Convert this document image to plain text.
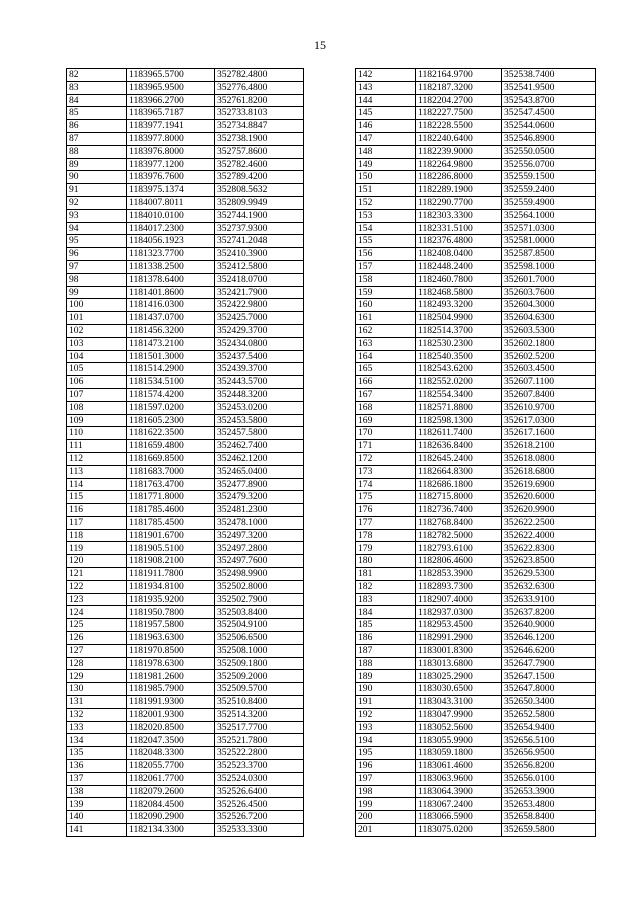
15
82	1183965.5700	352782.4800
83	1183965.9500	352776.4800
84	1183966.2700	352761.8200
85	1183965.7187	352733.8103
86	1183977.1941	352734.8847
87	1183977.8000	352738.1900
88	1183976.8000	352757.8600
89	1183977.1200	352782.4600
90	1183976.7600	352789.4200
91	1183975.1374	352808.5632
92	1184007.8011	352809.9949
93	1184010.0100	352744.1900
94	1184017.2300	352737.9300
95	1184056.1923	352741.2048
96	1181323.7700	352410.3900
97	1181338.2500	352412.5800
98	1181378.6400	352418.0700
99	1181401.8600	352421.7900
100	1181416.0300	352422.9800
101	1181437.0700	352425.7000
102	1181456.3200	352429.3700
103	1181473.2100	352434.0800
104	1181501.3000	352437.5400
105	1181514.2900	352439.3700
106	1181534.5100	352443.5700
107	1181574.4200	352448.3200
108	1181597.0200	352453.0200
109	1181605.2300	352453.5800
110	1181622.3500	352457.5800
111	1181659.4800	352462.7400
112	1181669.8500	352462.1200
113	1181683.7000	352465.0400
114	1181763.4700	352477.8900
115	1181771.8000	352479.3200
116	1181785.4600	352481.2300
117	1181785.4500	352478.1000
118	1181901.6700	352497.3200
119	1181905.5100	352497.2800
120	1181908.2100	352497.7600
121	1181911.7800	352498.9900
122	1181934.8100	352502.8000
123	1181935.9200	352502.7900
124	1181950.7800	352503.8400
125	1181957.5800	352504.9100
126	1181963.6300	352506.6500
127	1181970.8500	352508.1000
128	1181978.6300	352509.1800
129	1181981.2600	352509.2000
130	1181985.7900	352509.5700
131	1181991.9300	352510.8400
132	1182001.9300	352514.3200
133	1182020.8500	352517.7700
134	1182047.3500	352521.7800
135	1182048.3300	352522.2800
136	1182055.7700	352523.3700
137	1182061.7700	352524.0300
138	1182079.2600	352526.6400
139	1182084.4500	352526.4500
140	1182090.2900	352526.7200
141	1182134.3300	352533.3300
142	1182164.9700	352538.7400
143	1182187.3200	352541.9500
144	1182204.2700	352543.8700
145	1182227.7500	352547.4500
146	1182228.5500	352544.0600
147	1182240.6400	352546.8900
148	1182239.9000	352550.0500
149	1182264.9800	352556.0700
150	1182286.8000	352559.1500
151	1182289.1900	352559.2400
152	1182290.7700	352559.4900
153	1182303.3300	352564.1000
154	1182331.5100	352571.0300
155	1182376.4800	352581.0000
156	1182408.0400	352587.8500
157	1182448.2400	352598.1000
158	1182460.7800	352601.7000
159	1182468.5800	352603.7600
160	1182493.3200	352604.3000
161	1182504.9900	352604.6300
162	1182514.3700	352603.5300
163	1182530.2300	352602.1800
164	1182540.3500	352602.5200
165	1182543.6200	352603.4500
166	1182552.0200	352607.1100
167	1182554.3400	352607.8400
168	1182571.8800	352610.9700
169	1182598.1300	352617.0300
170	1182611.7400	352617.1600
171	1182636.8400	352618.2100
172	1182645.2400	352618.0800
173	1182664.8300	352618.6800
174	1182686.1800	352619.6900
175	1182715.8000	352620.6000
176	1182736.7400	352620.9900
177	1182768.8400	352622.2500
178	1182782.5000	352622.4000
179	1182793.6100	352622.8300
180	1182806.4600	352623.8500
181	1182853.3900	352629.5300
182	1182893.7300	352632.6300
183	1182907.4000	352633.9100
184	1182937.0300	352637.8200
185	1182953.4500	352640.9000
186	1182991.2900	352646.1200
187	1183001.8300	352646.6200
188	1183013.6800	352647.7900
189	1183025.2900	352647.1500
190	1183030.6500	352647.8000
191	1183043.3100	352650.3400
192	1183047.9900	352652.5800
193	1183052.5600	352654.9400
194	1183055.9900	352656.5100
195	1183059.1800	352656.9500
196	1183061.4600	352656.8200
197	1183063.9600	352656.0100
198	1183064.3900	352653.3900
199	1183067.2400	352653.4800
200	1183066.5900	352658.8400
201	1183075.0200	352659.5800
